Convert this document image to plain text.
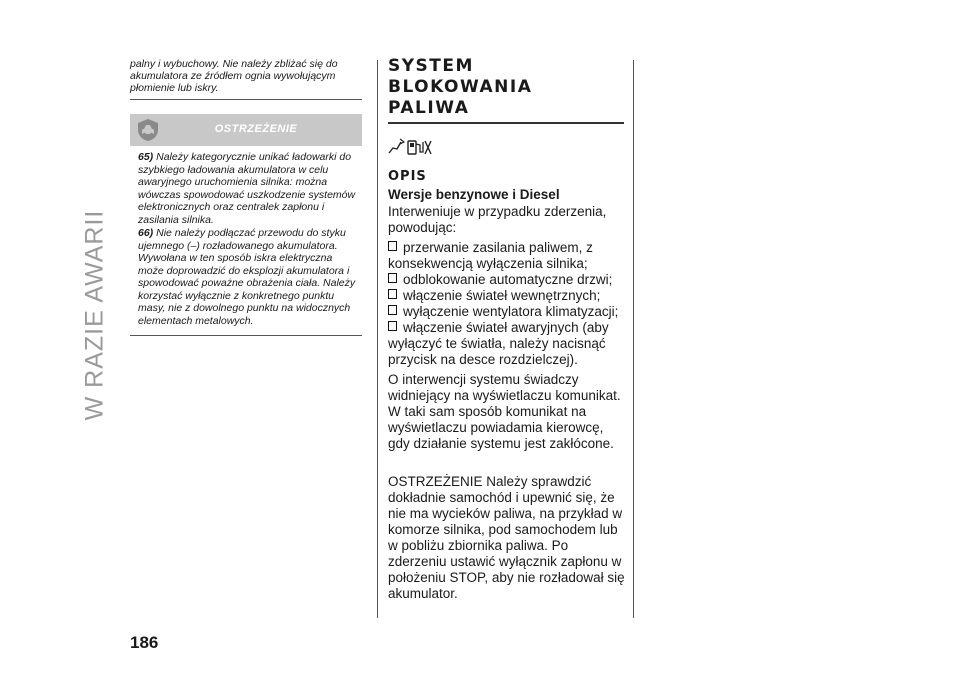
W RAZIE AWARII

palny i wybuchowy. Nie należy zbliżać się do akumulatora ze źródłem ognia wywołującym płomienie lub iskry.

OSTRZEŻENIE

65) Należy kategorycznie unikać ładowarki do szybkiego ładowania akumulatora w celu awaryjnego uruchomienia silnika: można wówczas spowodować uszkodzenie systemów elektronicznych oraz centralek zapłonu i zasilania silnika.

66) Nie należy podłączać przewodu do styku ujemnego (–) rozładowanego akumulatora. Wywołana w ten sposób iskra elektryczna może doprowadzić do eksplozji akumulatora i spowodować poważne obrażenia ciała. Należy korzystać wyłącznie z konkretnego punktu masy, nie z dowolnego punktu na widocznych elementach metalowych.

SYSTEM

BLOKOWANIA

PALIWA

OPIS

Wersje benzynowe i Diesel

Interweniuje w przypadku zderzenia, powodując:

przerwanie zasilania paliwem, z konsekwencją wyłączenia silnika;

odblokowanie automatyczne drzwi;

włączenie świateł wewnętrznych;

wyłączenie wentylatora klimatyzacji;

włączenie świateł awaryjnych (aby wyłączyć te światła, należy nacisnąć przycisk na desce rozdzielczej).

O interwencji systemu świadczy widniejący na wyświetlaczu komunikat. W taki sam sposób komunikat na wyświetlaczu powiadamia kierowcę, gdy działanie systemu jest zakłócone.

OSTRZEŻENIE Należy sprawdzić dokładnie samochód i upewnić się, że nie ma wycieków paliwa, na przykład w komorze silnika, pod samochodem lub w pobliżu zbiornika paliwa. Po zderzeniu ustawić wyłącznik zapłonu w położeniu STOP, aby nie rozładował się akumulator.

186
